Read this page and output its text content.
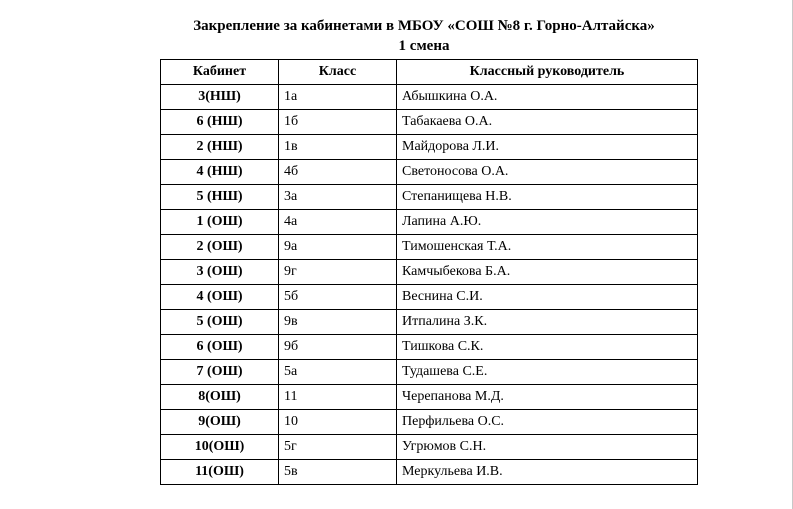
Закрепление за кабинетами в МБОУ «СОШ №8 г. Горно-Алтайска»
1 смена
Кабинет	Класс	Классный руководитель
3(НШ)	1а	Абышкина О.А.
6 (НШ)	1б	Табакаева О.А.
2 (НШ)	1в	Майдорова Л.И.
4 (НШ)	4б	Светоносова О.А.
5 (НШ)	3а	Степанищева Н.В.
1 (ОШ)	4а	Лапина А.Ю.
2 (ОШ)	9а	Тимошенская Т.А.
3 (ОШ)	9г	Камчыбекова Б.А.
4 (ОШ)	5б	Веснина С.И.
5 (ОШ)	9в	Итпалина З.К.
6 (ОШ)	9б	Тишкова С.К.
7 (ОШ)	5а	Тудашева С.Е.
8(ОШ)	11	Черепанова М.Д.
9(ОШ)	10	Перфильева О.С.
10(ОШ)	5г	Угрюмов С.Н.
11(ОШ)	5в	Меркульева И.В.
